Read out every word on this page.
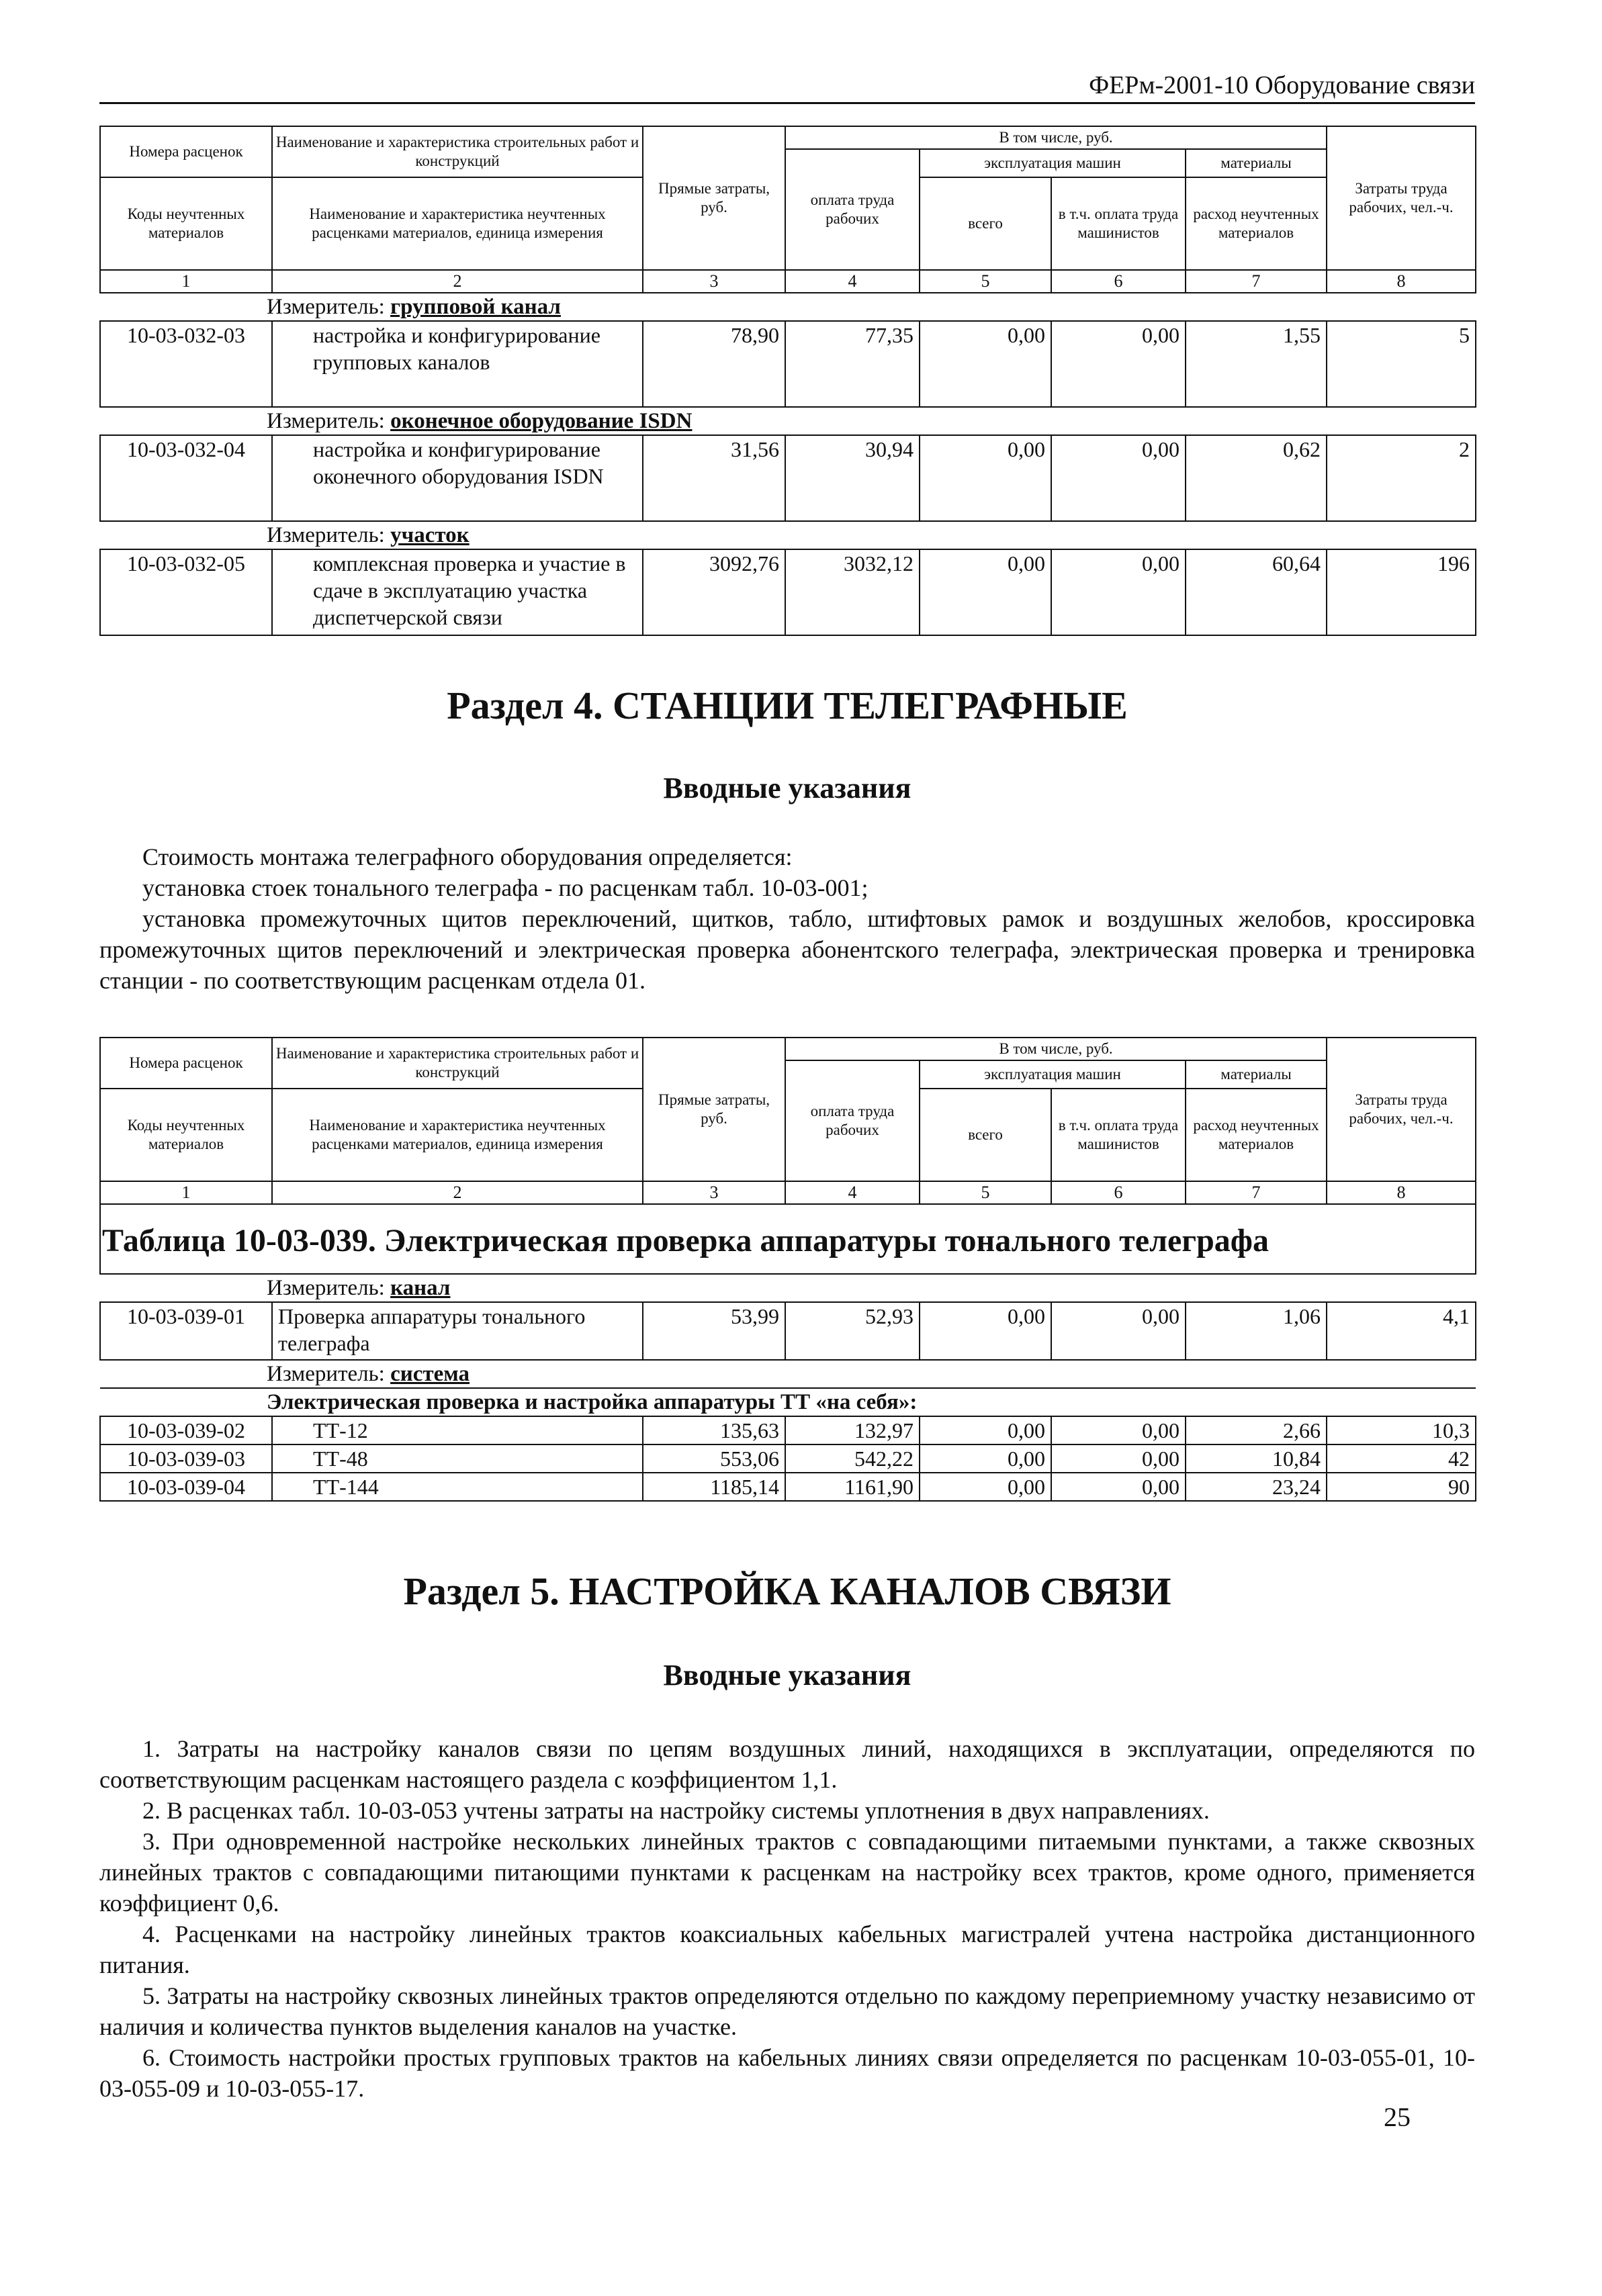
ФЕРм-2001-10 Оборудование связи
Номера расценок	Наименование и характеристика строительных работ и конструкций	Прямые затраты, руб.	В том числе, руб.				Затраты труда рабочих, чел.-ч.
			оплата труда рабочих	эксплуатация машин		материалы	
Коды неучтенных материалов	Наименование и характеристика неучтенных расценками материалов, единица измерения			всего	в т.ч. оплата труда машинистов	расход неучтенных материалов	

1	2	3	4	5	6	7	8
Измеритель: групповой канал							
10-03-032-03	настройка и конфигурирование групповых каналов	78,90	77,35	0,00	0,00	1,55	5
Измеритель: оконечное оборудование ISDN							
10-03-032-04	настройка и конфигурирование оконечного оборудования ISDN	31,56	30,94	0,00	0,00	0,62	2
Измеритель: участок							
10-03-032-05	комплексная проверка и участие в сдаче в эксплуатацию участка диспетчерской связи	3092,76	3032,12	0,00	0,00	60,64	196
Раздел 4. СТАНЦИИ ТЕЛЕГРАФНЫЕ
Вводные указания

Стоимость монтажа телеграфного оборудования определяется:

установка стоек тонального телеграфа - по расценкам табл. 10-03-001;

установка промежуточных щитов переключений, щитков, табло, штифтовых рамок и воздушных желобов, кроссировка промежуточных щитов переключений и электрическая проверка абонентского телеграфа, электрическая проверка и тренировка станции - по соответствующим расценкам отдела 01.

Номера расценок	Наименование и характеристика строительных работ и конструкций	Прямые затраты, руб.	В том числе, руб.				Затраты труда рабочих, чел.-ч.
			оплата труда рабочих	эксплуатация машин		материалы	
Коды неучтенных материалов	Наименование и характеристика неучтенных расценками материалов, единица измерения			всего	в т.ч. оплата труда машинистов	расход неучтенных материалов	

1	2	3	4	5	6	7	8
Таблица 10-03-039. Электрическая проверка аппаратуры тонального телеграфа							
Измеритель: канал							
10-03-039-01	Проверка аппаратуры тонального телеграфа	53,99	52,93	0,00	0,00	1,06	4,1
Измеритель: система							
Электрическая проверка и настройка аппаратуры ТТ «на себя»:							
10-03-039-02	ТТ-12	135,63	132,97	0,00	0,00	2,66	10,3
10-03-039-03	ТТ-48	553,06	542,22	0,00	0,00	10,84	42
10-03-039-04	ТТ-144	1185,14	1161,90	0,00	0,00	23,24	90
Раздел 5. НАСТРОЙКА КАНАЛОВ СВЯЗИ
Вводные указания

1. Затраты на настройку каналов связи по цепям воздушных линий, находящихся в эксплуатации, определяются по соответствующим расценкам настоящего раздела с коэффициентом 1,1.

2. В расценках табл. 10-03-053 учтены затраты на настройку системы уплотнения в двух направлениях.

3. При одновременной настройке нескольких линейных трактов с совпадающими питаемыми пунктами, а также сквозных линейных трактов с совпадающими питающими пунктами к расценкам на настройку всех трактов, кроме одного, применяется коэффициент 0,6.

4. Расценками на настройку линейных трактов коаксиальных кабельных магистралей учтена настройка дистанционного питания.

5. Затраты на настройку сквозных линейных трактов определяются отдельно по каждому перепpиемному участку независимо от наличия и количества пунктов выделения каналов на участке.

6. Стоимость настройки простых групповых трактов на кабельных линиях связи определяется по расценкам 10-03-055-01, 10-03-055-09 и 10-03-055-17.

25
